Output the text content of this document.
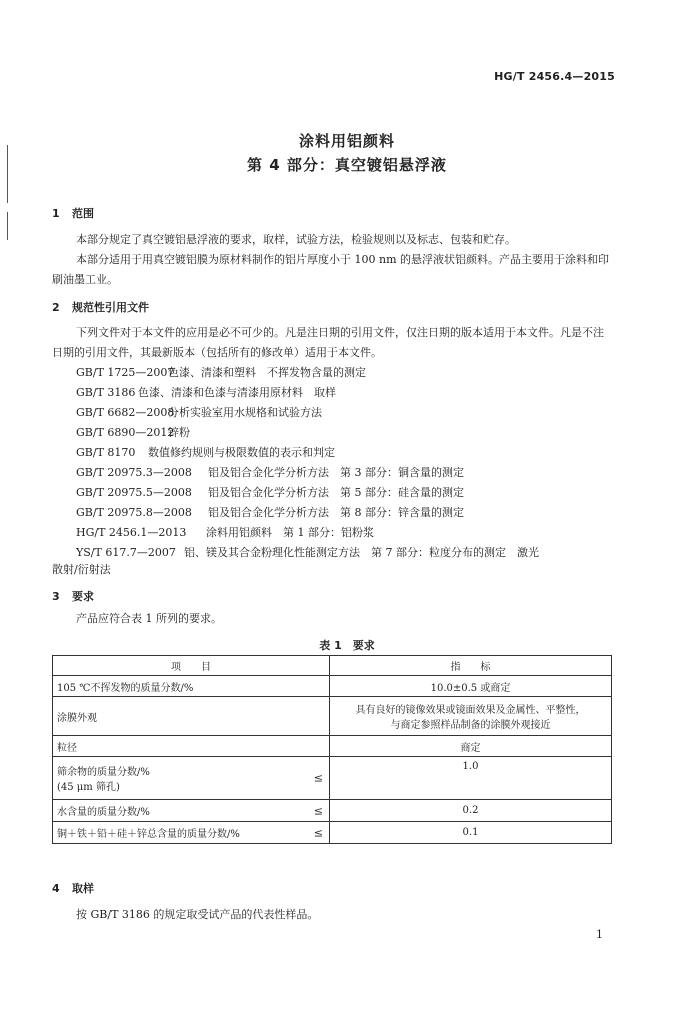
HG/T 2456.4—2015
涂料用铝颜料
第 4 部分：真空镀铝悬浮液
1 范围
本部分规定了真空镀铝悬浮液的要求，取样，试验方法，检验规则以及标志、包装和贮存。
本部分适用于用真空镀铝膜为原材料制作的铝片厚度小于 100 nm 的悬浮液状铝颜料。产品主要用于涂料和印刷油墨工业。
2 规范性引用文件
下列文件对于本文件的应用是必不可少的。凡是注日期的引用文件，仅注日期的版本适用于本文件。凡是不注日期的引用文件，其最新版本（包括所有的修改单）适用于本文件。
GB/T 1725—2007色漆、清漆和塑料　不挥发物含量的测定
GB/T 3186 色漆、清漆和色漆与清漆用原材料　取样
GB/T 6682—2008分析实验室用水规格和试验方法
GB/T 6890—2012锌粉
GB/T 8170 数值修约规则与极限数值的表示和判定
GB/T 20975.3—2008 铝及铝合金化学分析方法　第 3 部分：铜含量的测定
GB/T 20975.5—2008 铝及铝合金化学分析方法　第 5 部分：硅含量的测定
GB/T 20975.8—2008 铝及铝合金化学分析方法　第 8 部分：锌含量的测定
HG/T 2456.1—2013 涂料用铝颜料　第 1 部分：铝粉浆
YS/T 617.7—2007 铝、镁及其合金粉理化性能测定方法　第 7 部分：粒度分布的测定　激光
散射/衍射法
3 要求
产品应符合表 1 所列的要求。
表 1　要求
项　　目	指　　标
105 ℃不挥发物的质量分数/%	10.0±0.5 或商定
涂膜外观	具有良好的镜像效果或镜面效果及金属性、平整性，
与商定参照样品制备的涂膜外观接近

粒径	商定

筛余物的质量分数/%
(45 μm 筛孔)
≤	1.0
水含量的质量分数/% ≤	0.2
铜＋铁＋铅＋硅＋锌总含量的质量分数/% ≤	0.1
4 取样
按 GB/T 3186 的规定取受试产品的代表性样品。
1
